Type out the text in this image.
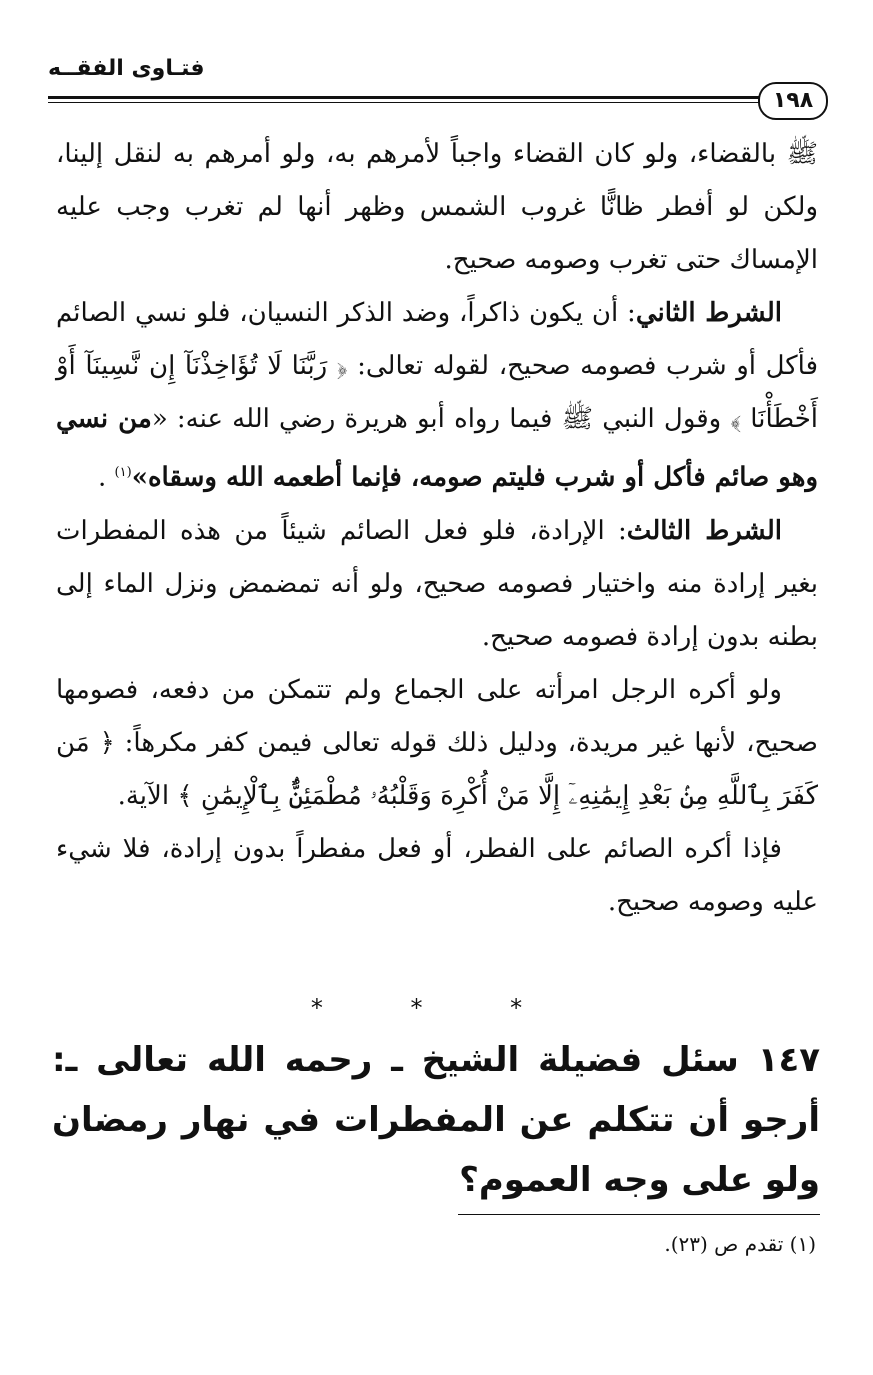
فتـاوى الفقــه
١٩٨

ﷺ بالقضاء، ولو كان القضاء واجباً لأمرهم به، ولو أمرهم به لنقل إلينا، ولكن لو أفطر ظانًّا غروب الشمس وظهر أنها لم تغرب وجب عليه الإمساك حتى تغرب وصومه صحيح.

الشرط الثاني: أن يكون ذاكراً، وضد الذكر النسيان، فلو نسي الصائم فأكل أو شرب فصومه صحيح، لقوله تعالى: ﴿ رَبَّنَا لَا تُؤَاخِذْنَآ إِن نَّسِينَآ أَوْ أَخْطَأْنَا ﴾ وقول النبي ﷺ فيما رواه أبو هريرة رضي الله عنه: «من نسي وهو صائم فأكل أو شرب فليتم صومه، فإنما أطعمه الله وسقاه»$^{(١)}$ .

الشرط الثالث: الإرادة، فلو فعل الصائم شيئاً من هذه المفطرات بغير إرادة منه واختيار فصومه صحيح، ولو أنه تمضمض ونزل الماء إلى بطنه بدون إرادة فصومه صحيح.

ولو أكره الرجل امرأته على الجماع ولم تتمكن من دفعه، فصومها صحيح، لأنها غير مريدة، ودليل ذلك قوله تعالى فيمن كفر مكرهاً: ﴿ مَن كَفَرَ بِٱللَّهِ مِنۢ بَعْدِ إِيمَٰنِهِۦٓ إِلَّا مَنْ أُكْرِهَ وَقَلْبُهُۥ مُطْمَئِنٌّۢ بِٱلْإِيمَٰنِ ﴾ الآية.

فإذا أكره الصائم على الفطر، أو فعل مفطراً بدون إرادة، فلا شيء عليه وصومه صحيح.

* * *

١٤٧ سئل فضيلة الشيخ ـ رحمه الله تعالى ـ: أرجو أن تتكلم عن المفطرات في نهار رمضان ولو على وجه العموم؟

(١) تقدم ص (٢٣).
